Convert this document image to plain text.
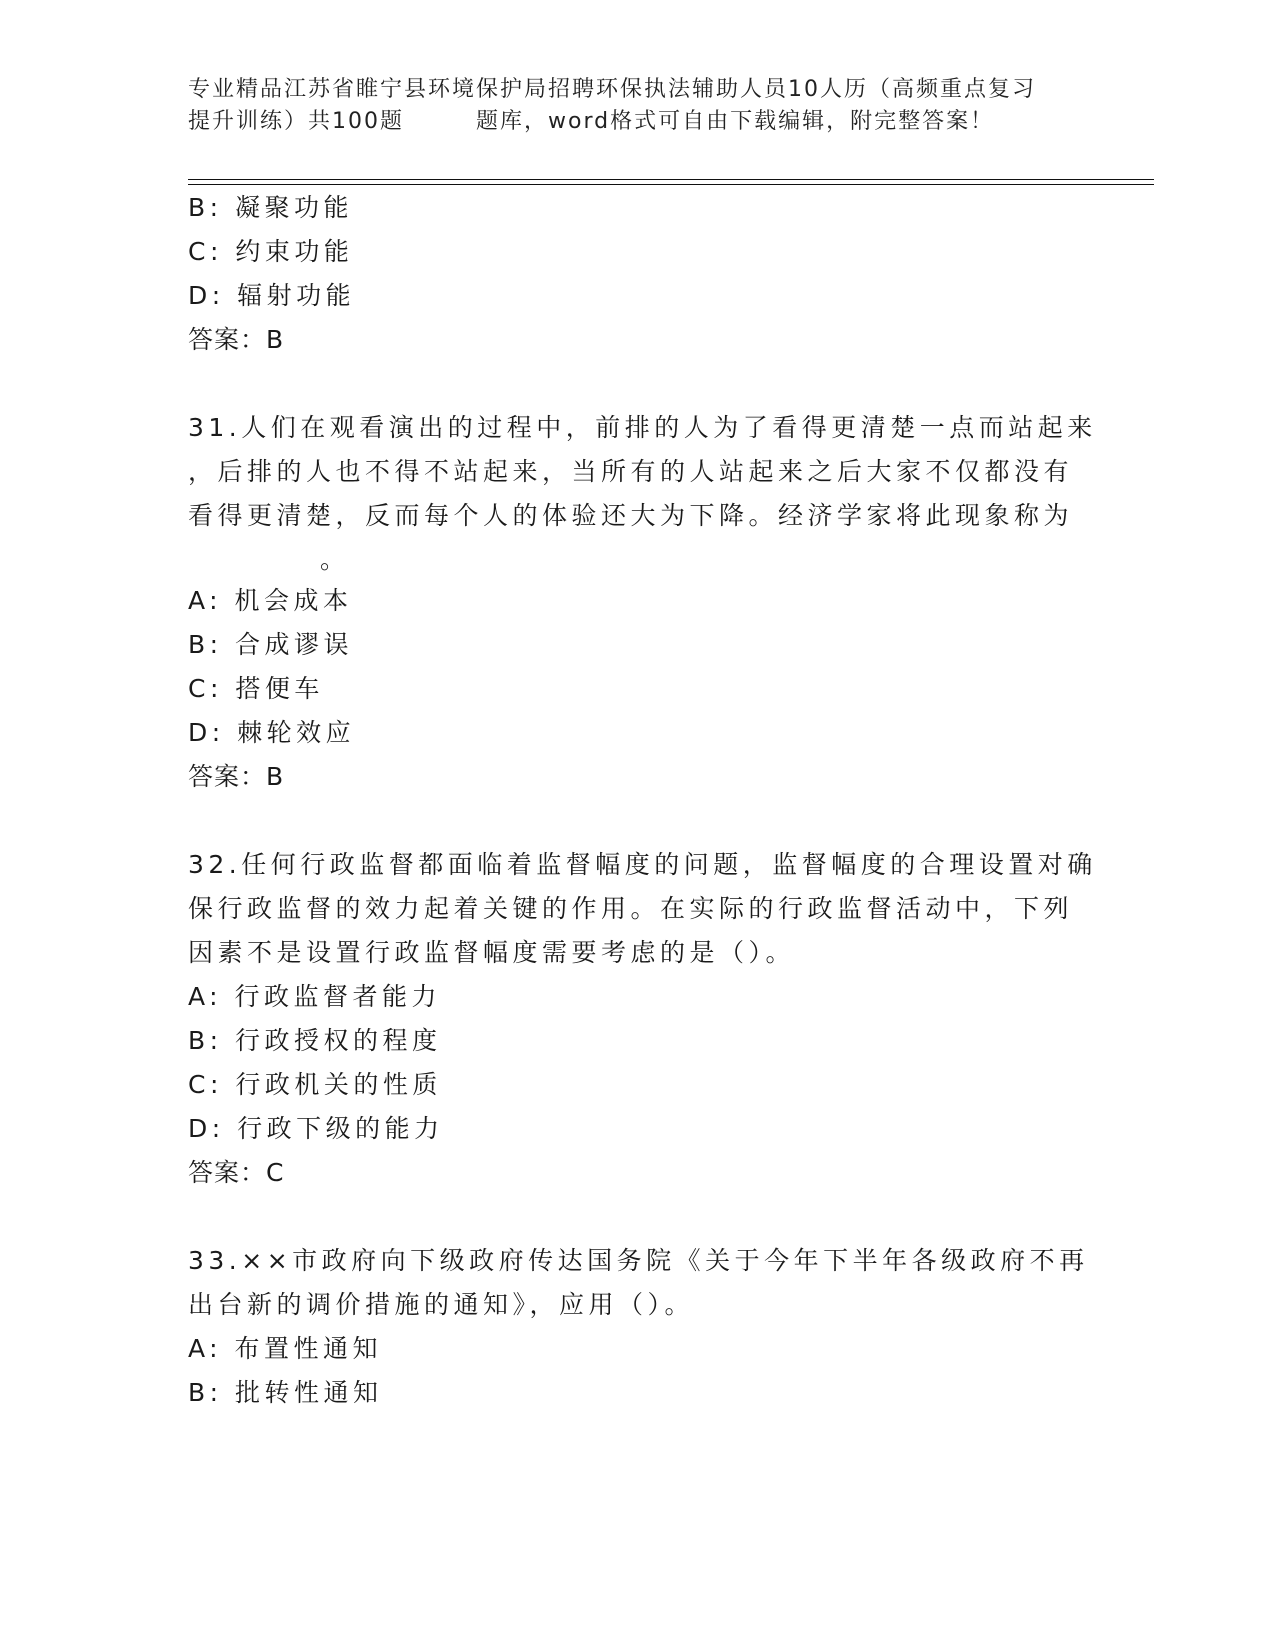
专业精品江苏省睢宁县环境保护局招聘环保执法辅助人员10人历（高频重点复习
提升训练）共100题	题库，word格式可自由下载编辑，附完整答案！
B: 凝聚功能
C: 约束功能
D: 辐射功能
答案：B
31.人们在观看演出的过程中，前排的人为了看得更清楚一点而站起来
，后排的人也不得不站起来，当所有的人站起来之后大家不仅都没有
看得更清楚，反而每个人的体验还大为下降。经济学家将此现象称为
。
A: 机会成本
B: 合成谬误
C: 搭便车
D: 棘轮效应
答案：B
32.任何行政监督都面临着监督幅度的问题，监督幅度的合理设置对确
保行政监督的效力起着关键的作用。在实际的行政监督活动中，下列
因素不是设置行政监督幅度需要考虑的是（）。
A: 行政监督者能力
B: 行政授权的程度
C: 行政机关的性质
D: 行政下级的能力
答案：C
33.××市政府向下级政府传达国务院《关于今年下半年各级政府不再
出台新的调价措施的通知》，应用（）。
A: 布置性通知
B: 批转性通知
